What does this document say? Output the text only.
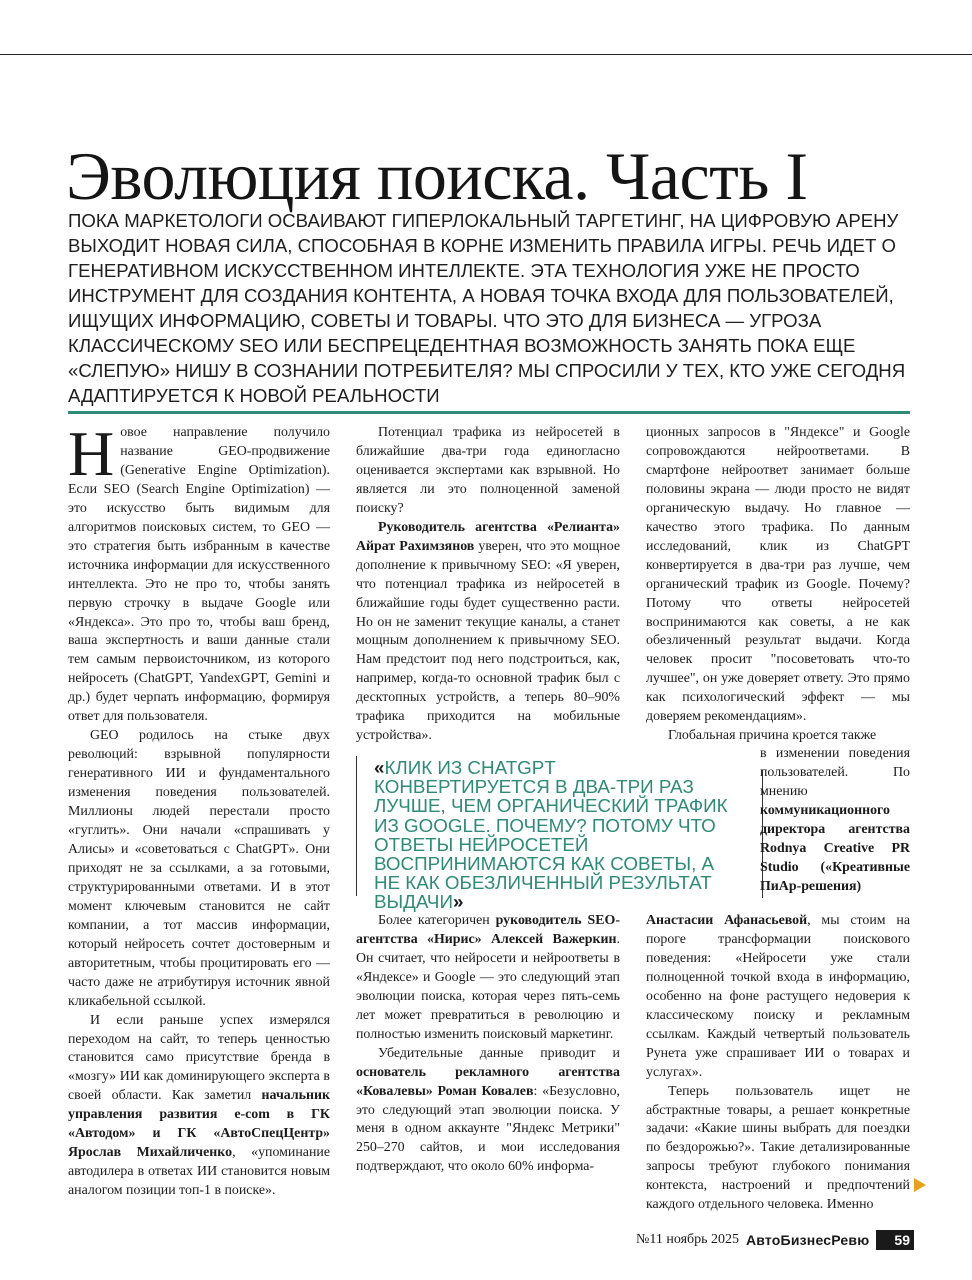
Эволюция поиска. Часть I
ПОКА МАРКЕТОЛОГИ ОСВАИВАЮТ ГИПЕРЛОКАЛЬНЫЙ ТАРГЕТИНГ, НА ЦИФРОВУЮ АРЕНУ ВЫХОДИТ НОВАЯ СИЛА, СПОСОБНАЯ В КОРНЕ ИЗМЕНИТЬ ПРАВИЛА ИГРЫ. РЕЧЬ ИДЕТ О ГЕНЕРАТИВНОМ ИСКУССТВЕННОМ ИНТЕЛЛЕКТЕ. ЭТА ТЕХНОЛОГИЯ УЖЕ НЕ ПРОСТО ИНСТРУМЕНТ ДЛЯ СОЗДАНИЯ КОНТЕНТА, А НОВАЯ ТОЧКА ВХОДА ДЛЯ ПОЛЬЗОВАТЕЛЕЙ, ИЩУЩИХ ИНФОРМАЦИЮ, СОВЕТЫ И ТОВАРЫ. ЧТО ЭТО ДЛЯ БИЗНЕСА — УГРОЗА КЛАССИЧЕСКОМУ SEO ИЛИ БЕСПРЕЦЕДЕНТНАЯ ВОЗМОЖНОСТЬ ЗАНЯТЬ ПОКА ЕЩЕ «СЛЕПУЮ» НИШУ В СОЗНАНИИ ПОТРЕБИТЕЛЯ? МЫ СПРОСИЛИ У ТЕХ, КТО УЖЕ СЕГОДНЯ АДАПТИРУЕТСЯ К НОВОЙ РЕАЛЬНОСТИ

Новое направление получило название GEO-продвижение (Generative Engine Optimization). Если SEO (Search Engine Optimization) — это искусство быть видимым для алгоритмов поисковых систем, то GEO — это стратегия быть избранным в качестве источника информации для искусственного интеллекта. Это не про то, чтобы занять первую строчку в выдаче Google или «Яндекса». Это про то, чтобы ваш бренд, ваша экспертность и ваши данные стали тем самым первоисточником, из которого нейросеть (ChatGPT, YandexGPT, Gemini и др.) будет черпать информацию, формируя ответ для пользователя.

GEO родилось на стыке двух революций: взрывной популярности генеративного ИИ и фундаментального изменения поведения пользователей. Миллионы людей перестали просто «гуглить». Они начали «спрашивать у Алисы» и «советоваться с ChatGPT». Они приходят не за ссылками, а за готовыми, структурированными ответами. И в этот момент ключевым становится не сайт компании, а тот массив информации, который нейросеть сочтет достоверным и авторитетным, чтобы процитировать его — часто даже не атрибутируя источник явной кликабельной ссылкой.

И если раньше успех измерялся переходом на сайт, то теперь ценностью становится само присутствие бренда в «мозгу» ИИ как доминирующего эксперта в своей области. Как заметил начальник управления развития e-com в ГК «Автодом» и ГК «АвтоСпецЦентр» Ярослав Михайличенко, «упоминание автодилера в ответах ИИ становится новым аналогом позиции топ-1 в поиске».

Потенциал трафика из нейросетей в ближайшие два-три года единогласно оценивается экспертами как взрывной. Но является ли это полноценной заменой поиску?

Руководитель агентства «Релианта» Айрат Рахимзянов уверен, что это мощное дополнение к привычному SEO: «Я уверен, что потенциал трафика из нейросетей в ближайшие годы будет существенно расти. Но он не заменит текущие каналы, а станет мощным дополнением к привычному SEO. Нам предстоит под него подстроиться, как, например, когда-то основной трафик был с десктопных устройств, а теперь 80–90% трафика приходится на мобильные устройства».

Более категоричен руководитель SEO-агентства «Нирис» Алексей Важеркин. Он считает, что нейросети и нейроответы в «Яндексе» и Google — это следующий этап эволюции поиска, которая через пять-семь лет может превратиться в революцию и полностью изменить поисковый маркетинг.

Убедительные данные приводит и основатель рекламного агентства «Ковалевы» Роман Ковалев: «Безусловно, это следующий этап эволюции поиска. У меня в одном аккаунте "Яндекс Метрики" 250–270 сайтов, и мои исследования подтверждают, что около 60% информа-

«КЛИК ИЗ CHATGPT КОНВЕРТИРУЕТСЯ В ДВА-ТРИ РАЗ ЛУЧШЕ, ЧЕМ ОРГАНИЧЕСКИЙ ТРАФИК ИЗ GOOGLE. ПОЧЕМУ? ПОТОМУ ЧТО ОТВЕТЫ НЕЙРОСЕТЕЙ ВОСПРИНИМАЮТСЯ КАК СОВЕТЫ, А НЕ КАК ОБЕЗЛИЧЕННЫЙ РЕЗУЛЬТАТ ВЫДАЧИ»

ционных запросов в "Яндексе" и Google сопровождаются нейроответами. В смартфоне нейроответ занимает больше половины экрана — люди просто не видят органическую выдачу. Но главное — качество этого трафика. По данным исследований, клик из ChatGPT конвертируется в два-три раз лучше, чем органический трафик из Google. Почему? Потому что ответы нейросетей воспринимаются как советы, а не как обезличенный результат выдачи. Когда человек просит "посоветовать что-то лучшее", он уже доверяет ответу. Это прямо как психологический эффект — мы доверяем рекомендациям».

Глобальная причина кроется также

в изменении поведения пользователей. По мнению коммуникационного директора агентства Rodnya Creative PR Studio («Креативные ПиАр-решения)

Анастасии Афанасьевой, мы стоим на пороге трансформации поискового поведения: «Нейросети уже стали полноценной точкой входа в информацию, особенно на фоне растущего недоверия к классическому поиску и рекламным ссылкам. Каждый четвертый пользователь Рунета уже спрашивает ИИ о товарах и услугах».

Теперь пользователь ищет не абстрактные товары, а решает конкретные задачи: «Какие шины выбрать для поездки по бездорожью?». Такие детализированные запросы требуют глубокого понимания контекста, настроений и предпочтений каждого отдельного человека. Именно

№11 ноябрь 2025 АвтоБизнесРевю	59
